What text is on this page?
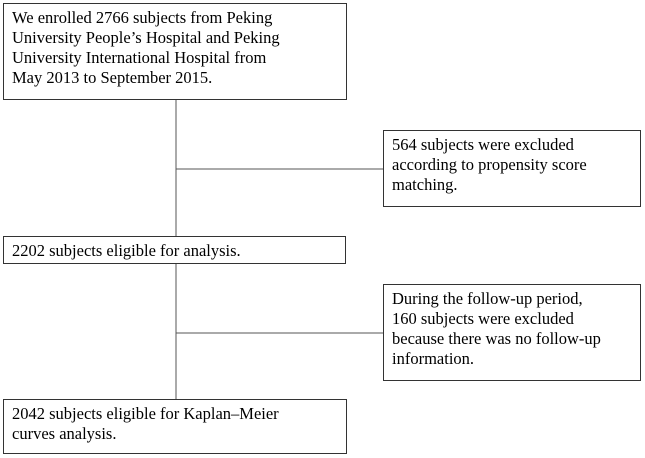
We enrolled 2766 subjects from Peking
University People’s Hospital and Peking
University International Hospital from
May 2013 to September 2015.
564 subjects were excluded
according to propensity score
matching.
2202 subjects eligible for analysis.
During the follow-up period,
160 subjects were excluded
because there was no follow-up
information.
2042 subjects eligible for Kaplan–Meier
curves analysis.
